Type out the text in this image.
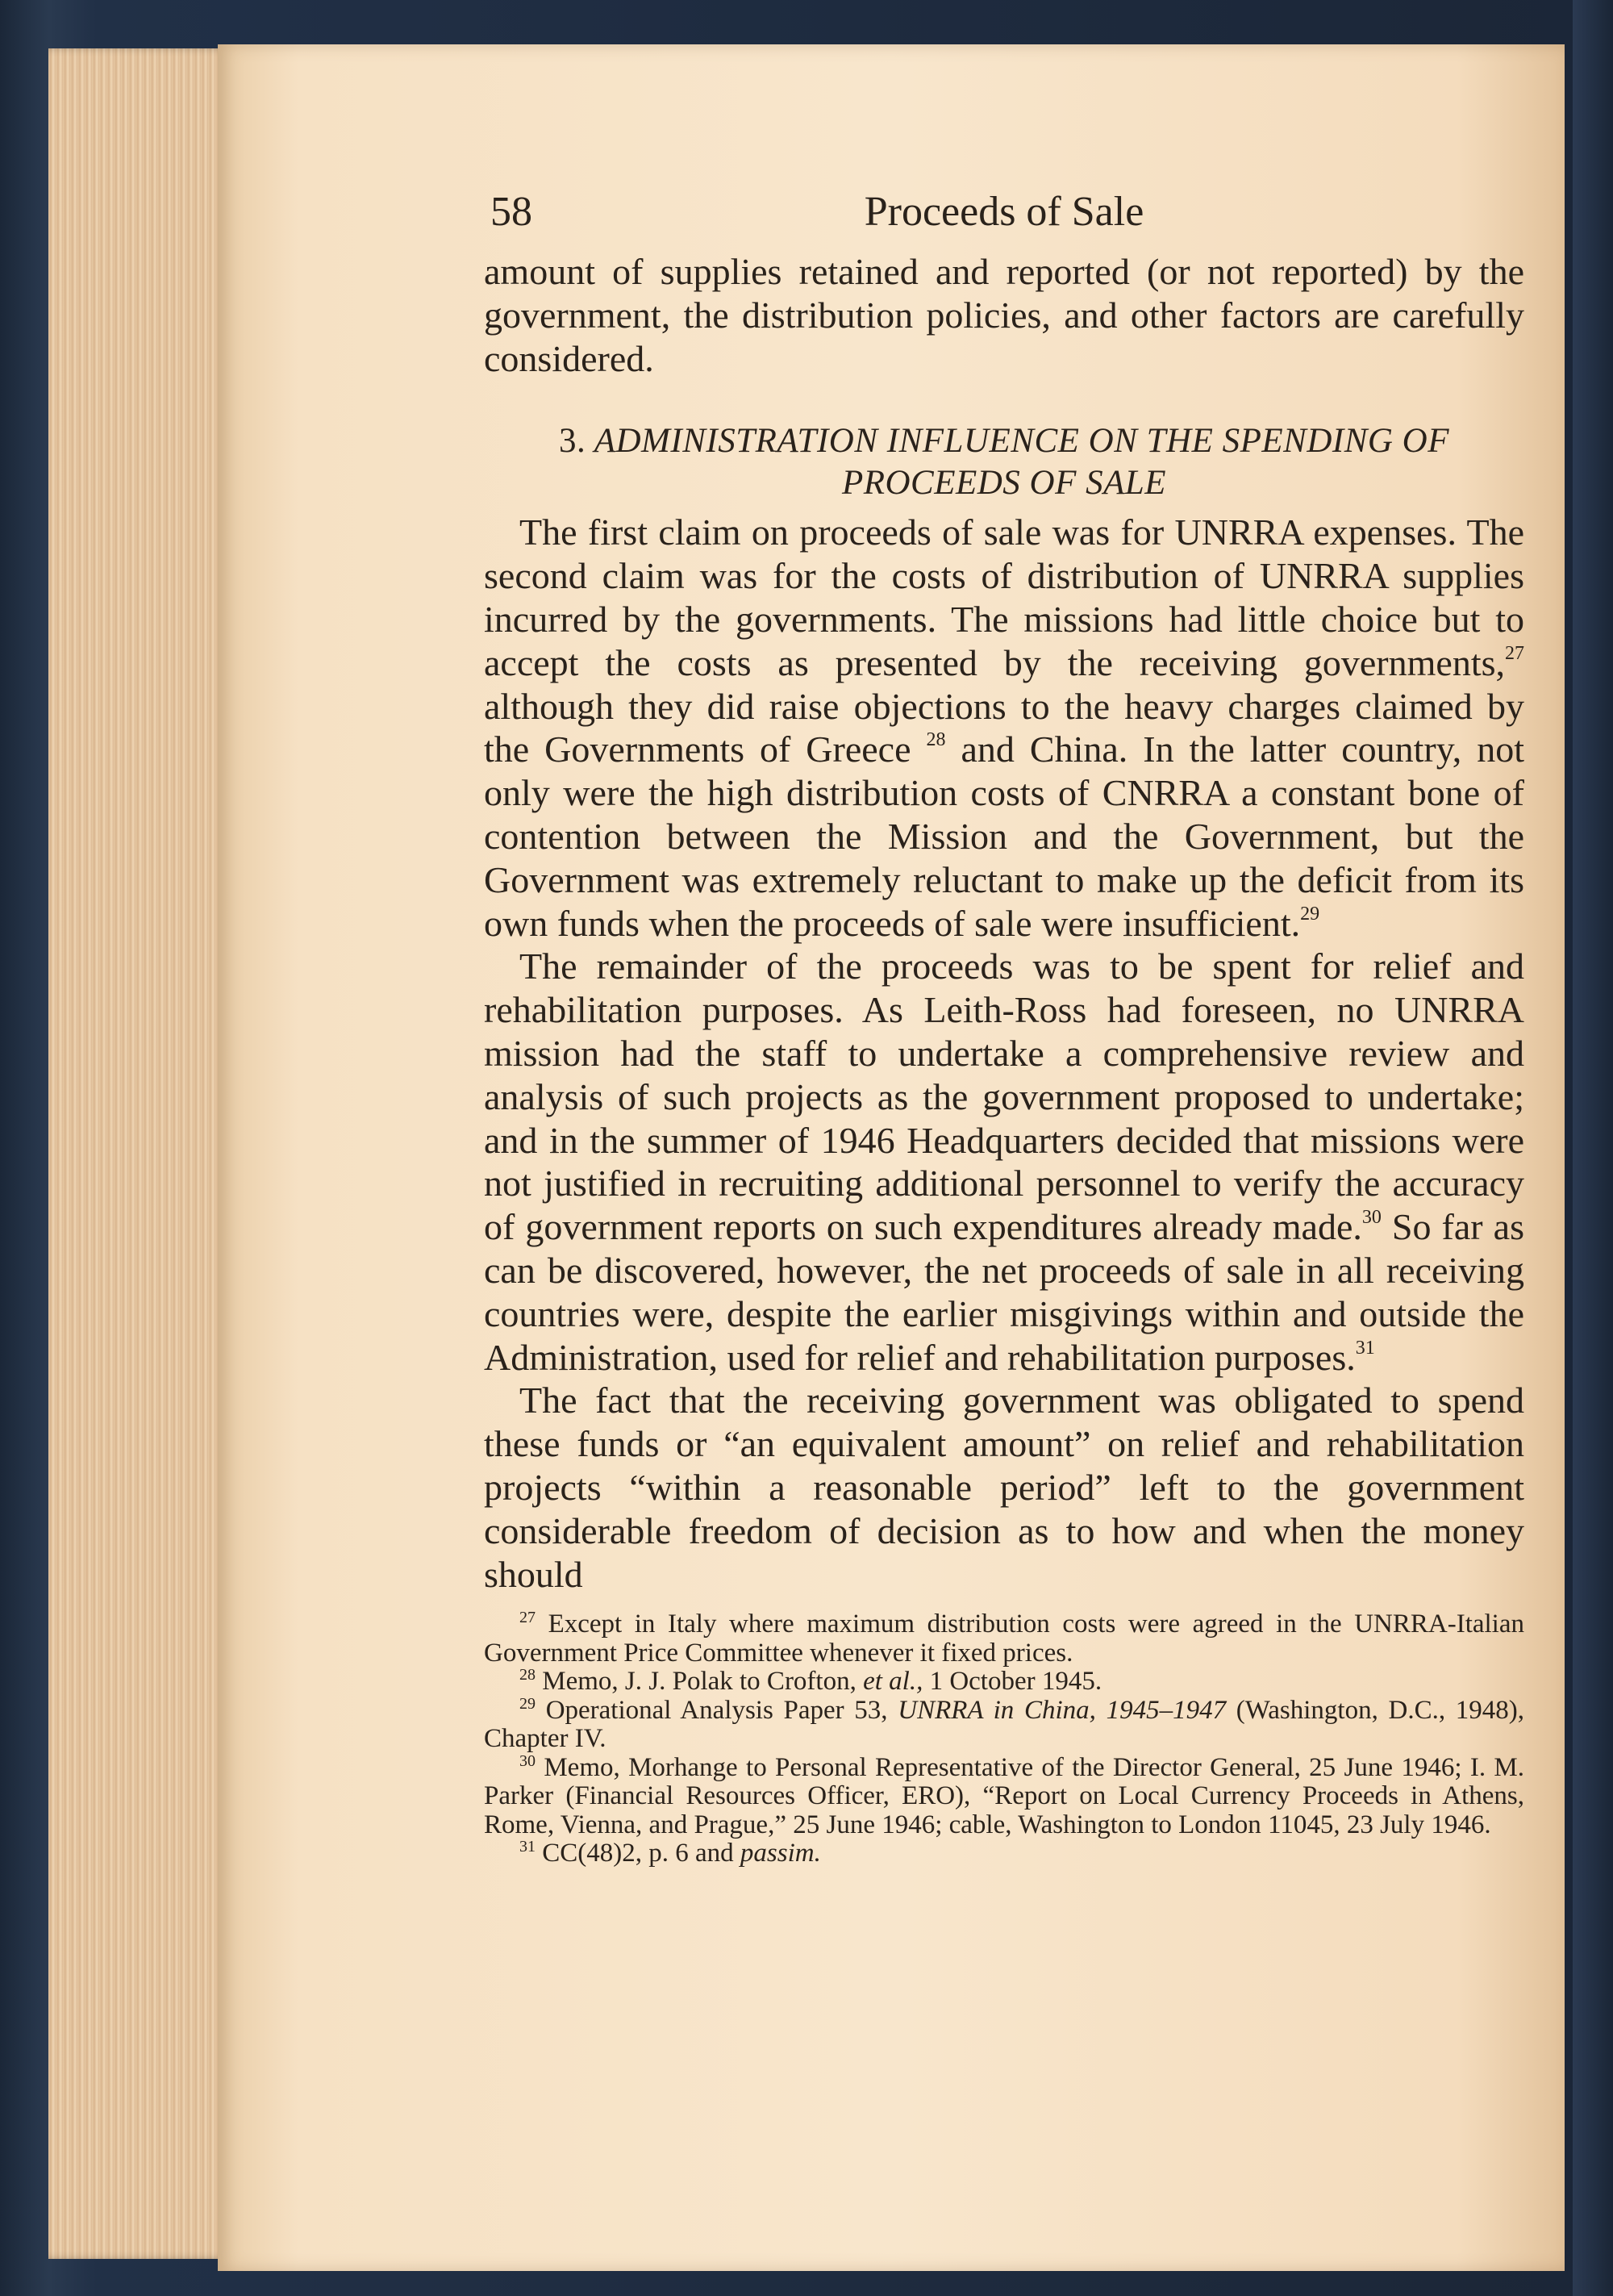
58	Proceeds of Sale

amount of supplies retained and reported (or not reported) by the government, the distribution policies, and other factors are carefully considered.

3. ADMINISTRATION INFLUENCE ON THE SPENDING OF PROCEEDS OF SALE

The first claim on proceeds of sale was for UNRRA expenses. The second claim was for the costs of distribution of UNRRA supplies incurred by the governments. The missions had little choice but to accept the costs as presented by the receiving governments,$^{27}$ although they did raise objections to the heavy charges claimed by the Governments of Greece $^{28}$ and China. In the latter country, not only were the high distribution costs of CNRRA a constant bone of contention between the Mission and the Government, but the Government was extremely reluctant to make up the deficit from its own funds when the proceeds of sale were insufficient.$^{29}$

The remainder of the proceeds was to be spent for relief and rehabilitation purposes. As Leith-Ross had foreseen, no UNRRA mission had the staff to undertake a comprehensive review and analysis of such projects as the government proposed to undertake; and in the summer of 1946 Headquarters decided that missions were not justified in recruiting additional personnel to verify the accuracy of government reports on such expenditures already made.$^{30}$ So far as can be discovered, however, the net proceeds of sale in all receiving countries were, despite the earlier misgivings within and outside the Administration, used for relief and rehabilitation purposes.$^{31}$

The fact that the receiving government was obligated to spend these funds or “an equivalent amount” on relief and rehabilitation projects “within a reasonable period” left to the government considerable freedom of decision as to how and when the money should

$^{27}$ Except in Italy where maximum distribution costs were agreed in the UNRRA-Italian Government Price Committee whenever it fixed prices.

$^{28}$ Memo, J. J. Polak to Crofton, et al., 1 October 1945.

$^{29}$ Operational Analysis Paper 53, UNRRA in China, 1945–1947 (Washington, D.C., 1948), Chapter IV.

$^{30}$ Memo, Morhange to Personal Representative of the Director General, 25 June 1946; I. M. Parker (Financial Resources Officer, ERO), “Report on Local Currency Proceeds in Athens, Rome, Vienna, and Prague,” 25 June 1946; cable, Washington to London 11045, 23 July 1946.

$^{31}$ CC(48)2, p. 6 and passim.
